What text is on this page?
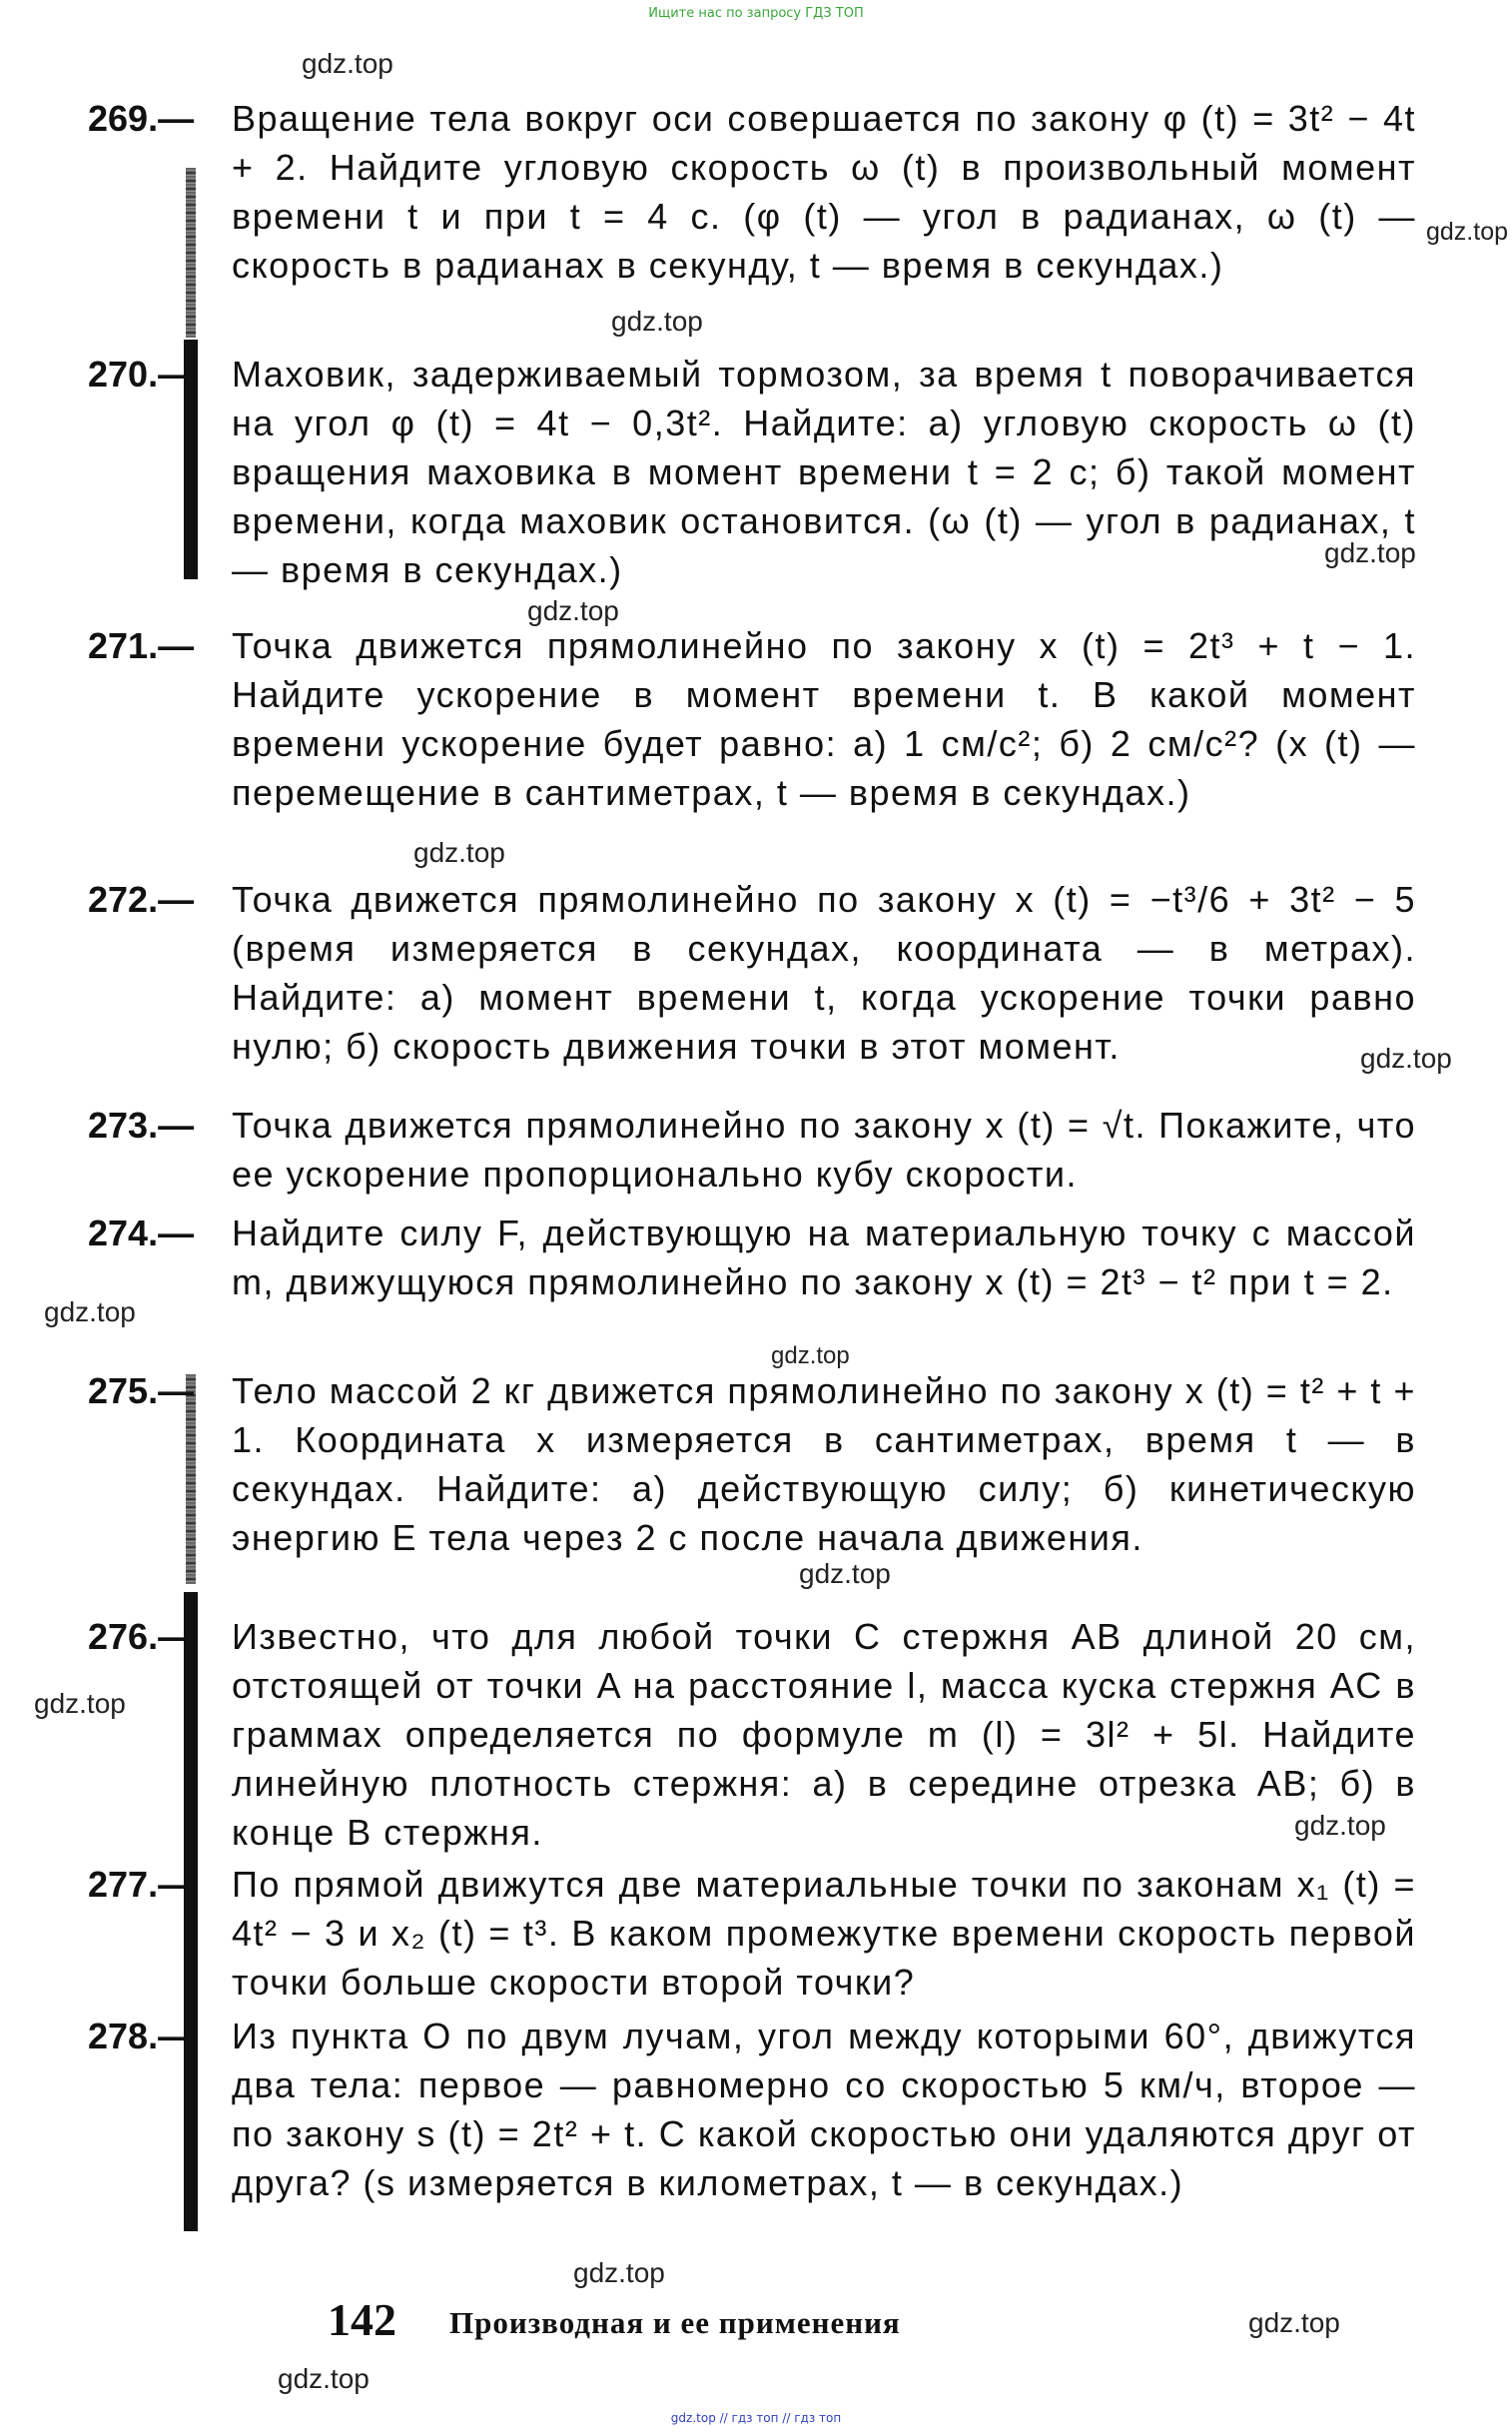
Ищите нас по запросу ГДЗ ТОП
gdz.top
gdz.top
gdz.top
gdz.top
gdz.top
gdz.top
gdz.top
gdz.top
gdz.top
gdz.top
gdz.top
gdz.top
gdz.top
gdz.top
gdz.top
269.— Вращение тела вокруг оси совершается по закону φ (t) = 3t² − 4t + 2. Найдите угловую скорость ω (t) в произвольный момент времени t и при t = 4 с. (φ (t) — угол в радианах, ω (t) — скорость в радианах в секунду, t — время в секундах.)
270.— Маховик, задерживаемый тормозом, за время t поворачивается на угол φ (t) = 4t − 0,3t². Найдите: а) угловую скорость ω (t) вращения маховика в момент времени t = 2 с; б) такой момент времени, когда маховик остановится. (ω (t) — угол в радианах, t — время в секундах.)
271.— Точка движется прямолинейно по закону x (t) = 2t³ + t − 1. Найдите ускорение в момент времени t. В какой момент времени ускорение будет равно: а) 1 см/с²; б) 2 см/с²? (x (t) — перемещение в сантиметрах, t — время в секундах.)
272.— Точка движется прямолинейно по закону x (t) = −t³/6 + 3t² − 5 (время измеряется в секундах, координата — в метрах). Найдите: а) момент времени t, когда ускорение точки равно нулю; б) скорость движения точки в этот момент.
273.— Точка движется прямолинейно по закону x (t) = √t. Покажите, что ее ускорение пропорционально кубу скорости.
274.— Найдите силу F, действующую на материальную точку с массой m, движущуюся прямолинейно по закону x (t) = 2t³ − t² при t = 2.
275.— Тело массой 2 кг движется прямолинейно по закону x (t) = t² + t + 1. Координата x измеряется в сантиметрах, время t — в секундах. Найдите: а) действующую силу; б) кинетическую энергию E тела через 2 с после начала движения.
276.— Известно, что для любой точки C стержня AB длиной 20 см, отстоящей от точки A на расстояние l, масса куска стержня AC в граммах определяется по формуле m (l) = 3l² + 5l. Найдите линейную плотность стержня: а) в середине отрезка AB; б) в конце B стержня.
277.— По прямой движутся две материальные точки по законам x₁ (t) = 4t² − 3 и x₂ (t) = t³. В каком промежутке времени скорость первой точки больше скорости второй точки?
278.— Из пункта O по двум лучам, угол между которыми 60°, движутся два тела: первое — равномерно со скоростью 5 км/ч, второе — по закону s (t) = 2t² + t. С какой скоростью они удаляются друг от друга? (s измеряется в километрах, t — в секундах.)
142 Производная и ее применения
gdz.top // гдз топ // гдз топ
